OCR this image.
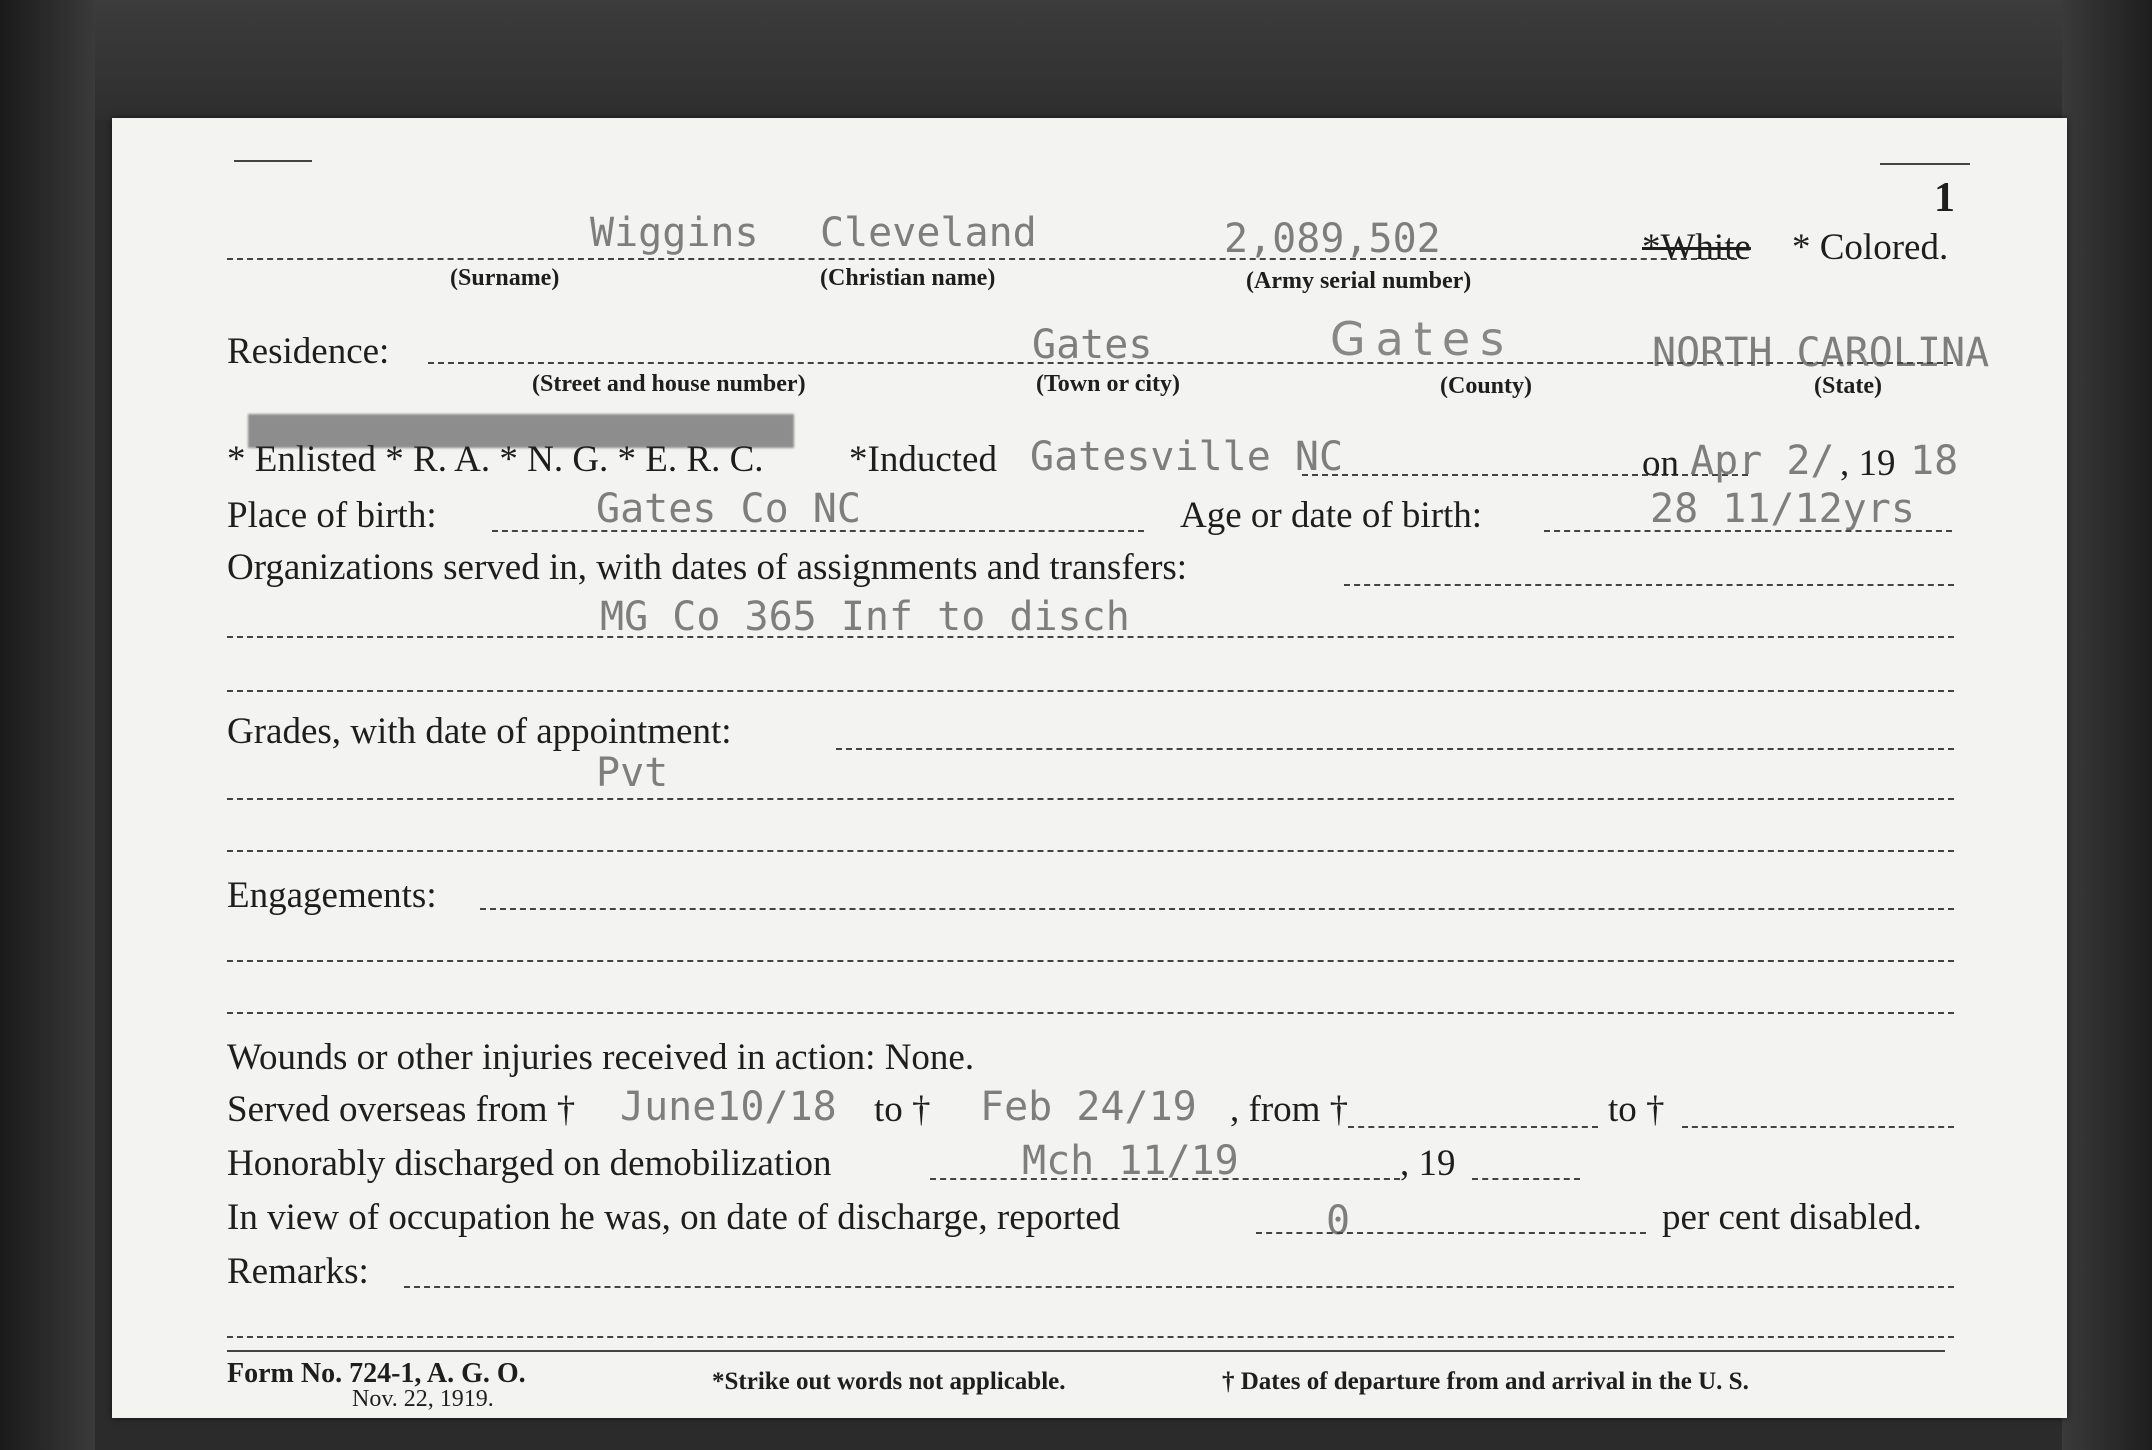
1
Wiggins Cleveland	2,089,502	*White * Colored.
(Surname)	(Christian name)	(Army serial number)
Residence:	Gates	Gates	NORTH CAROLINA
(Street and house number)	(Town or city)	(County)	(State)
* Enlisted * R. A. * N. G. * E. R. C. *Inducted Gatesville NC	on Apr 2/ , 19 18
Place of birth:	Gates Co NC	Age or date of birth:	28 11/12yrs
Organizations served in, with dates of assignments and transfers:
MG Co 365 Inf to disch
Grades, with date of appointment:
Pvt
Engagements:
Wounds or other injuries received in action: None.
Served overseas from † June10/18 to † Feb 24/19 , from †	to †
Honorably discharged on demobilization	Mch 11/19	, 19
In view of occupation he was, on date of discharge, reported	0	per cent disabled.
Remarks:
Form No. 724-1, A. G. O.
Nov. 22, 1919.
*Strike out words not applicable.	† Dates of departure from and arrival in the U. S.
